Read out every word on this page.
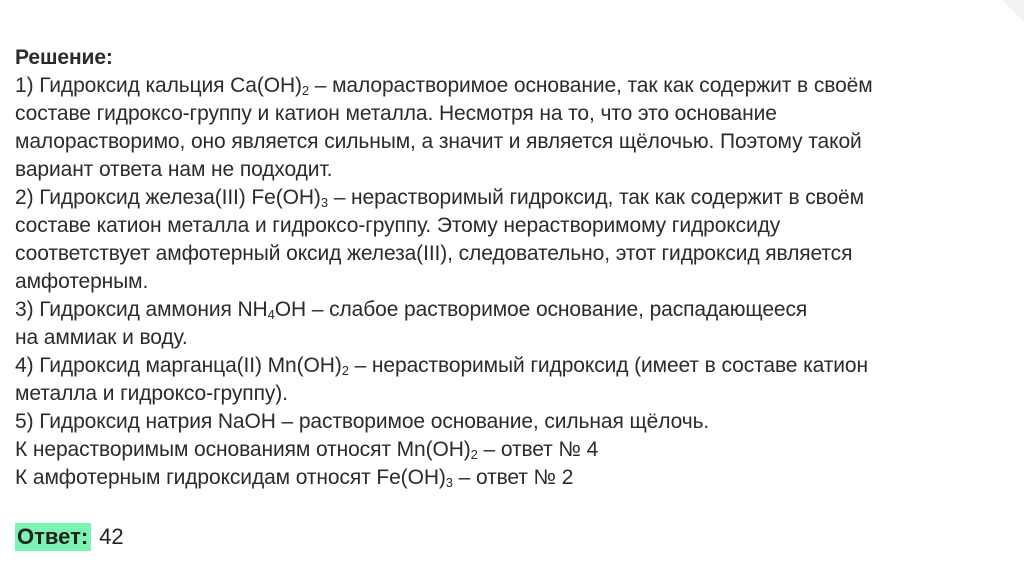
Решение:

1) Гидроксид кальция $Ca(OH)_2$ – малорастворимое основание, так как содержит в своём

составе гидроксо-группу и катион металла. Несмотря на то, что это основание

малорастворимо, оно является сильным, а значит и является щёлочью. Поэтому такой

вариант ответа нам не подходит.

2) Гидроксид железа(III) $Fe(OH)_3$ – нерастворимый гидроксид, так как содержит в своём

составе катион металла и гидроксо-группу. Этому нерастворимому гидроксиду

соответствует амфотерный оксид железа(III), следовательно, этот гидроксид является

амфотерным.

3) Гидроксид аммония $NH_4OH$ – слабое растворимое основание, распадающееся

на аммиак и воду.

4) Гидроксид марганца(II) $Mn(OH)_2$ – нерастворимый гидроксид (имеет в составе катион

металла и гидроксо-группу).

5) Гидроксид натрия NaOH – растворимое основание, сильная щёлочь.

К нерастворимым основаниям относят $Mn(OH)_2$ – ответ № 4

К амфотерным гидроксидам относят $Fe(OH)_3$ – ответ № 2

Ответ: 42
